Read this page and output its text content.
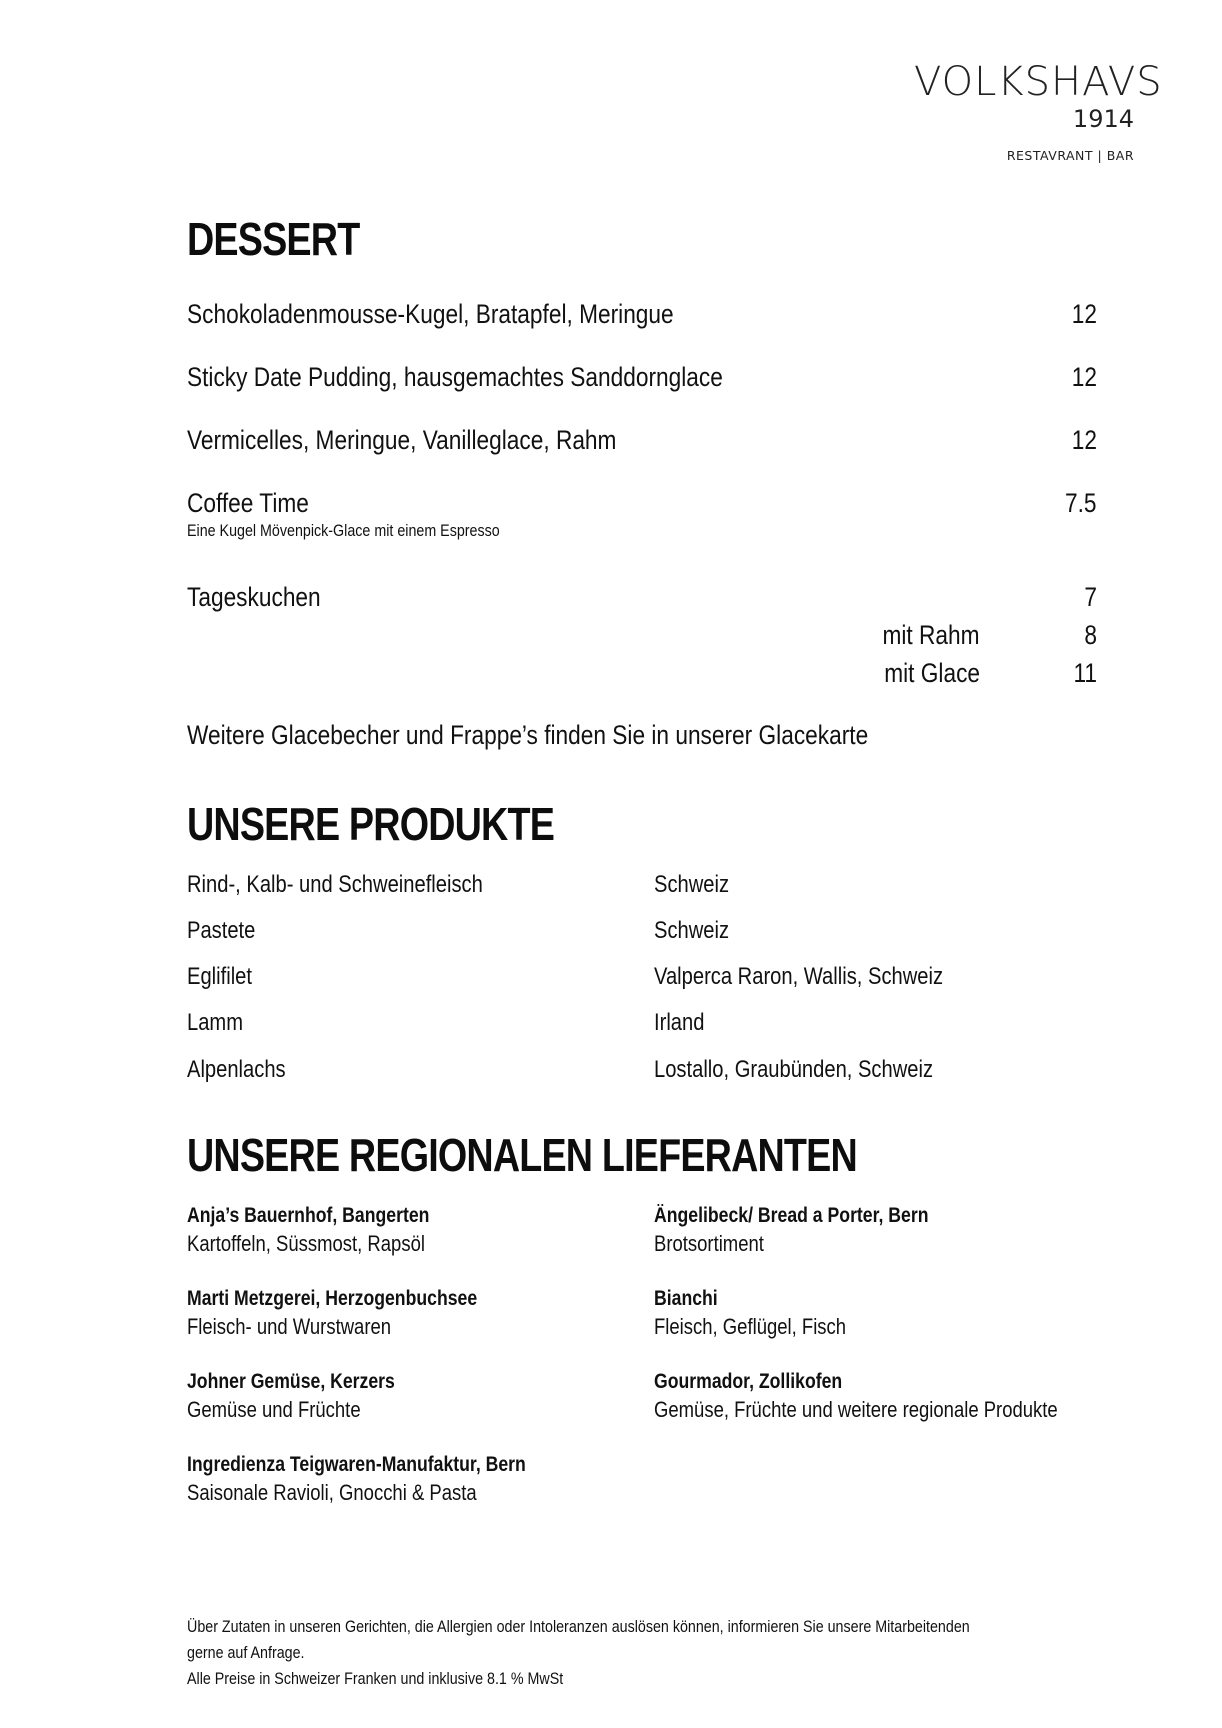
VOLKSHAVS
1914
RESTAVRANT | BAR
DESSERT
Schokoladenmousse-Kugel, Bratapfel, Meringue	12
Sticky Date Pudding, hausgemachtes Sanddornglace	12
Vermicelles, Meringue, Vanilleglace, Rahm	12
Coffee Time	7.5
Eine Kugel Mövenpick-Glace mit einem Espresso
Tageskuchen	7
mit Rahm	8
mit Glace	11
Weitere Glacebecher und Frappe’s finden Sie in unserer Glacekarte
UNSERE PRODUKTE
Rind-, Kalb- und Schweinefleisch	Schweiz
Pastete	Schweiz
Eglifilet	Valperca Raron, Wallis, Schweiz
Lamm	Irland
Alpenlachs	Lostallo, Graubünden, Schweiz
UNSERE REGIONALEN LIEFERANTEN
Anja’s Bauernhof, Bangerten
Kartoffeln, Süssmost, Rapsöl
Ängelibeck/ Bread a Porter, Bern
Brotsortiment
Marti Metzgerei, Herzogenbuchsee
Fleisch- und Wurstwaren
Bianchi
Fleisch, Geflügel, Fisch
Johner Gemüse, Kerzers
Gemüse und Früchte
Gourmador, Zollikofen
Gemüse, Früchte und weitere regionale Produkte
Ingredienza Teigwaren-Manufaktur, Bern
Saisonale Ravioli, Gnocchi & Pasta
Über Zutaten in unseren Gerichten, die Allergien oder Intoleranzen auslösen können, informieren Sie unsere Mitarbeitenden
gerne auf Anfrage.
Alle Preise in Schweizer Franken und inklusive 8.1 % MwSt
